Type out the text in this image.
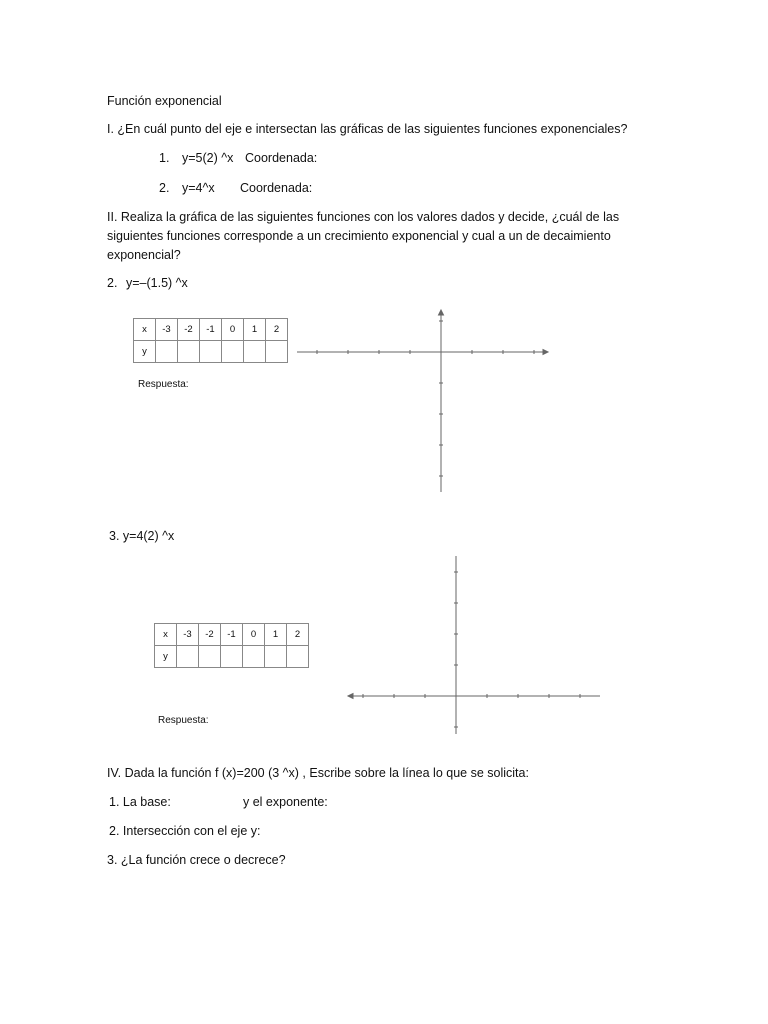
Función exponencial
I. ¿En cuál punto del eje e intersectan las gráficas de las siguientes funciones exponenciales?
1. y=5(2) ^x Coordenada:
2. y=4^x Coordenada:
II. Realiza la gráfica de las siguientes funciones con los valores dados y decide, ¿cuál de las siguientes funciones corresponde a un crecimiento exponencial y cual a un de decaimiento exponencial?
2. y=–(1.5) ^x
x	-3	-2	-1	0	1	2
y						
Respuesta:
3. y=4(2) ^x
x	-3	-2	-1	0	1	2
y						
Respuesta:
IV. Dada la función f (x)=200 (3 ^x) , Escribe sobre la línea lo que se solicita:
1. La base:	y el exponente:
2. Intersección con el eje y:
3. ¿La función crece o decrece?
